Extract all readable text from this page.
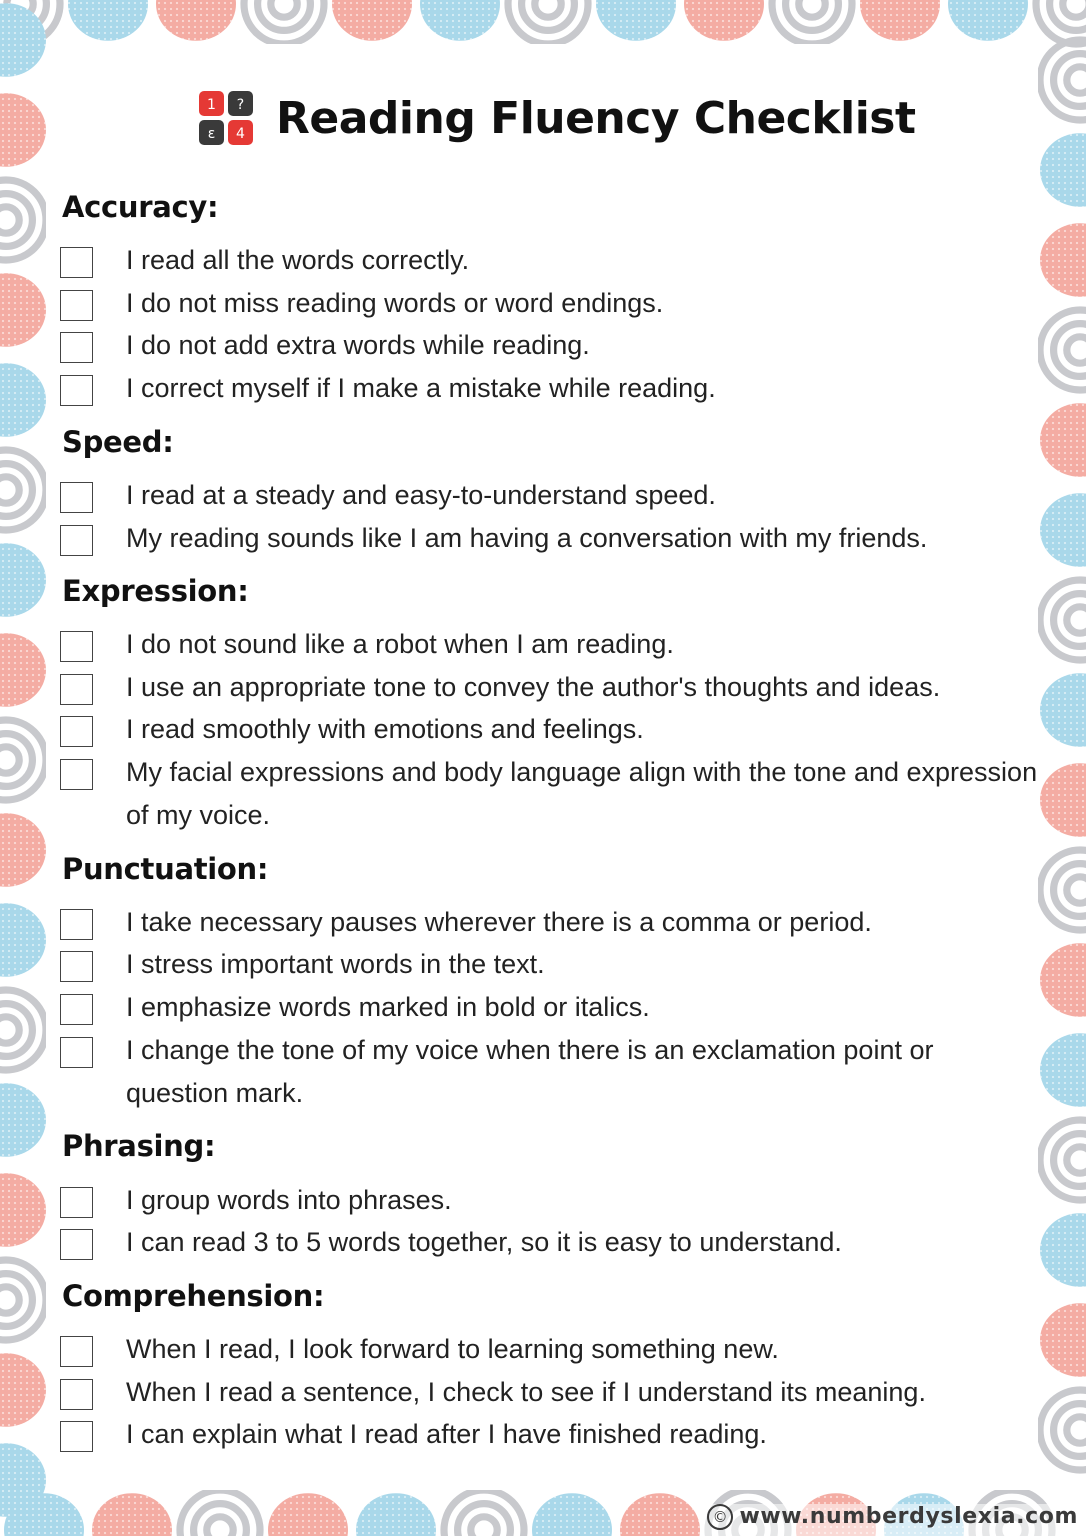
1 ?
ε 4 Reading Fluency Checklist
Accuracy:
I read all the words correctly.
I do not miss reading words or word endings.
I do not add extra words while reading.
I correct myself if I make a mistake while reading.
Speed:
I read at a steady and easy-to-understand speed.
My reading sounds like I am having a conversation with my friends.
Expression:
I do not sound like a robot when I am reading.
I use an appropriate tone to convey the author's thoughts and ideas.
I read smoothly with emotions and feelings.
My facial expressions and body language align with the tone and expression of my voice.
Punctuation:
I take necessary pauses wherever there is a comma or period.
I stress important words in the text.
I emphasize words marked in bold or italics.
I change the tone of my voice when there is an exclamation point or question mark.
Phrasing:
I group words into phrases.
I can read 3 to 5 words together, so it is easy to understand.
Comprehension:
When I read, I look forward to learning something new.
When I read a sentence, I check to see if I understand its meaning.
I can explain what I read after I have finished reading.
© www.numberdyslexia.com
